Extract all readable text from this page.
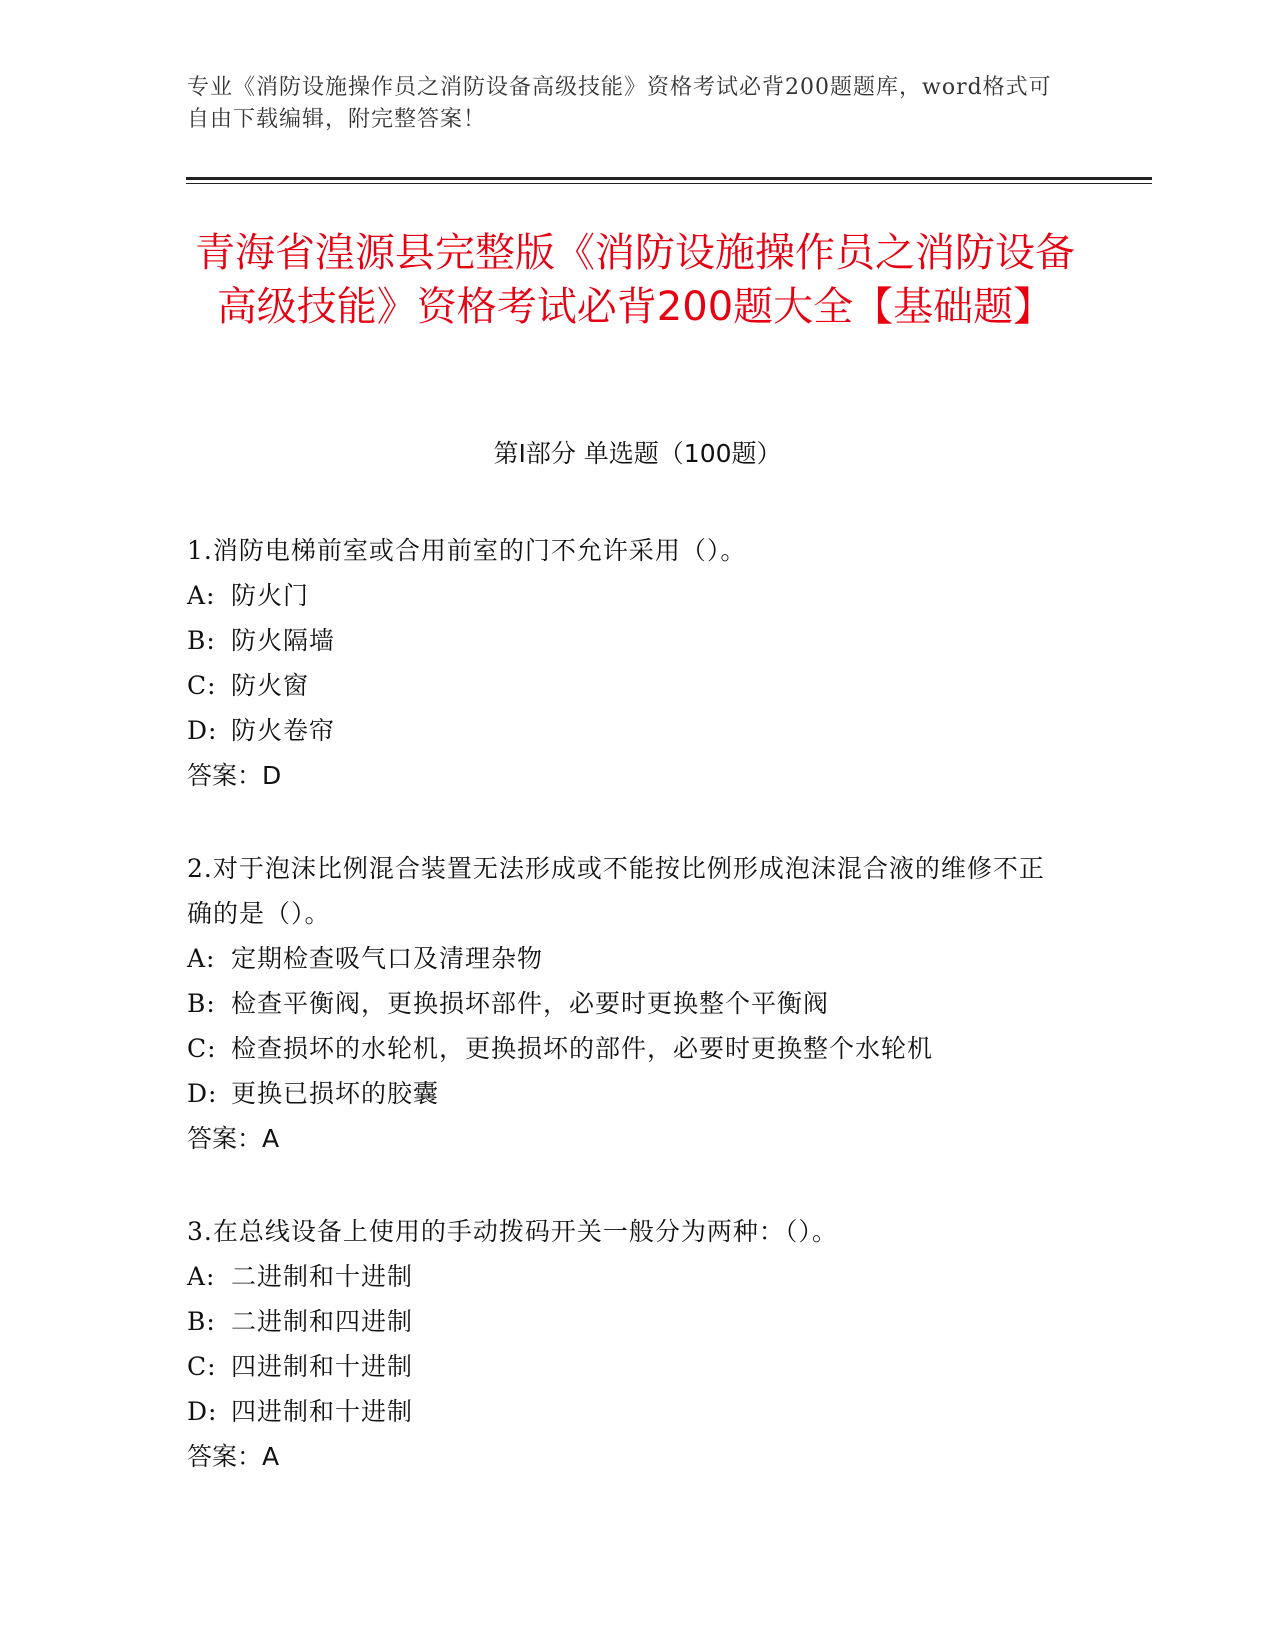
专业《消防设施操作员之消防设备高级技能》资格考试必背200题题库，word格式可自由下载编辑，附完整答案！
青海省湟源县完整版《消防设施操作员之消防设备高级技能》资格考试必背200题大全【基础题】
第I部分 单选题（100题）
1.消防电梯前室或合用前室的门不允许采用（）。
A: 防火门
B: 防火隔墙
C: 防火窗
D: 防火卷帘
答案：D
2.对于泡沫比例混合装置无法形成或不能按比例形成泡沫混合液的维修不正确的是（）。
A: 定期检查吸气口及清理杂物
B: 检查平衡阀，更换损坏部件，必要时更换整个平衡阀
C: 检查损坏的水轮机，更换损坏的部件，必要时更换整个水轮机
D: 更换已损坏的胶囊
答案：A
3.在总线设备上使用的手动拨码开关一般分为两种：（）。
A: 二进制和十进制
B: 二进制和四进制
C: 四进制和十进制
D: 四进制和十进制
答案：A
